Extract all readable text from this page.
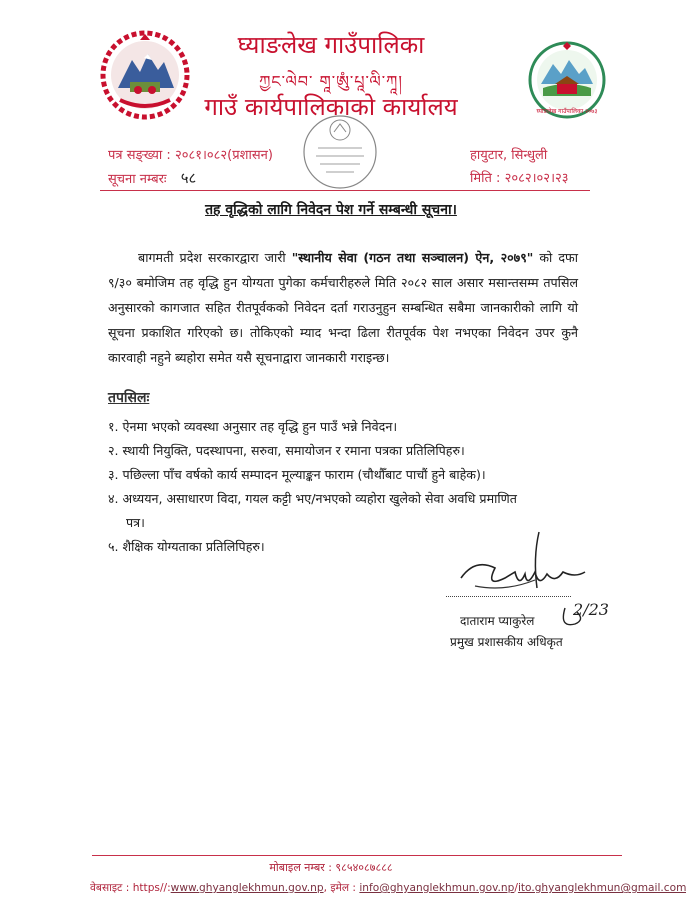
घ्याङलेख गाउँपालिका २०७३
घ्याङलेख गाउँपालिका
ཀྱང་ལེབ་ གཱ་ཨུཾ་པཱ་ལི་ཀཱ།
गाउँ कार्यपालिकाको कार्यालय
पत्र सङ्ख्या : २०८१।०८२(प्रशासन)	हायुटार, सिन्धुली
सूचना नम्बरः ५८	मिति : २०८२।०२।२३
तह वृद्धिको लागि निवेदन पेश गर्ने सम्बन्धी सूचना।
बागमती प्रदेश सरकारद्वारा जारी "स्थानीय सेवा (गठन तथा सञ्चालन) ऐन, २०७९" को दफा ९/३० बमोजिम तह वृद्धि हुन योग्यता पुगेका कर्मचारीहरुले मिति २०८२ साल असार मसान्तसम्म तपसिल अनुसारको कागजात सहित रीतपूर्वकको निवेदन दर्ता गराउनुहुन सम्बन्धित सबैमा जानकारीको लागि यो सूचना प्रकाशित गरिएको छ। तोकिएको म्याद भन्दा ढिला रीतपूर्वक पेश नभएका निवेदन उपर कुनै कारवाही नहुने ब्यहोरा समेत यसै सूचनाद्वारा जानकारी गराइन्छ।
तपसिलः
१. ऐनमा भएको व्यवस्था अनुसार तह वृद्धि हुन पाउँ भन्ने निवेदन।
२. स्थायी नियुक्ति, पदस्थापना, सरुवा, समायोजन र रमाना पत्रका प्रतिलिपिहरु।
३. पछिल्ला पाँच वर्षको कार्य सम्पादन मूल्याङ्कन फाराम (चौथौँबाट पाचौं हुने बाहेक)।
४. अध्ययन, असाधारण विदा, गयल कट्टी भए/नभएको व्यहोरा खुलेको सेवा अवधि प्रमाणित
पत्र।
५. शैक्षिक योग्यताका प्रतिलिपिहरु।
2/23
दाताराम प्याकुरेल
प्रमुख प्रशासकीय अधिकृत
मोबाइल नम्बर : ९८५४०८७८८८
वेबसाइट : https//:www.ghyanglekhmun.gov.np, इमेल : info@ghyanglekhmun.gov.np/ito.ghyanglekhmun@gmail.com
